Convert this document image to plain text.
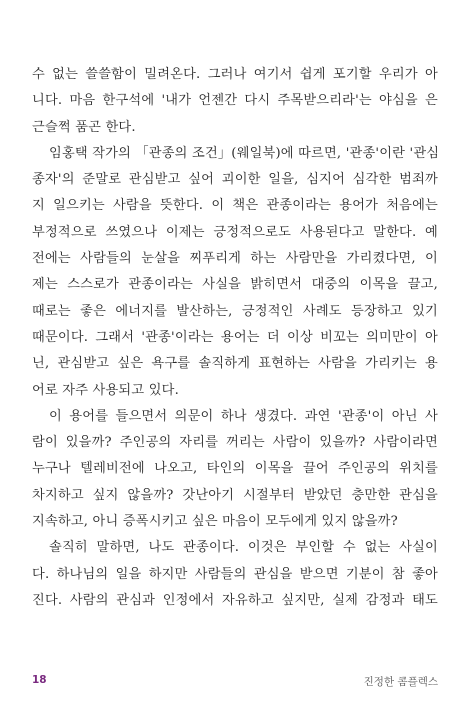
수 없는 쓸쓸함이 밀려온다. 그러나 여기서 쉽게 포기할 우리가 아
니다. 마음 한구석에 '내가 언젠간 다시 주목받으리라'는 야심을 은
근슬쩍 품곤 한다.
임홍택 작가의 「관종의 조건」(웨일북)에 따르면, '관종'이란 '관심
종자'의 준말로 관심받고 싶어 괴이한 일을, 심지어 심각한 범죄까
지 일으키는 사람을 뜻한다. 이 책은 관종이라는 용어가 처음에는
부정적으로 쓰였으나 이제는 긍정적으로도 사용된다고 말한다. 예
전에는 사람들의 눈살을 찌푸리게 하는 사람만을 가리켰다면, 이
제는 스스로가 관종이라는 사실을 밝히면서 대중의 이목을 끌고,
때로는 좋은 에너지를 발산하는, 긍정적인 사례도 등장하고 있기
때문이다. 그래서 '관종'이라는 용어는 더 이상 비꼬는 의미만이 아
닌, 관심받고 싶은 욕구를 솔직하게 표현하는 사람을 가리키는 용
어로 자주 사용되고 있다.
이 용어를 들으면서 의문이 하나 생겼다. 과연 '관종'이 아닌 사
람이 있을까? 주인공의 자리를 꺼리는 사람이 있을까? 사람이라면
누구나 텔레비전에 나오고, 타인의 이목을 끌어 주인공의 위치를
차지하고 싶지 않을까? 갓난아기 시절부터 받았던 충만한 관심을
지속하고, 아니 증폭시키고 싶은 마음이 모두에게 있지 않을까?
솔직히 말하면, 나도 관종이다. 이것은 부인할 수 없는 사실이
다. 하나님의 일을 하지만 사람들의 관심을 받으면 기분이 참 좋아
진다. 사람의 관심과 인정에서 자유하고 싶지만, 실제 감정과 태도
18	진정한 콤플렉스
